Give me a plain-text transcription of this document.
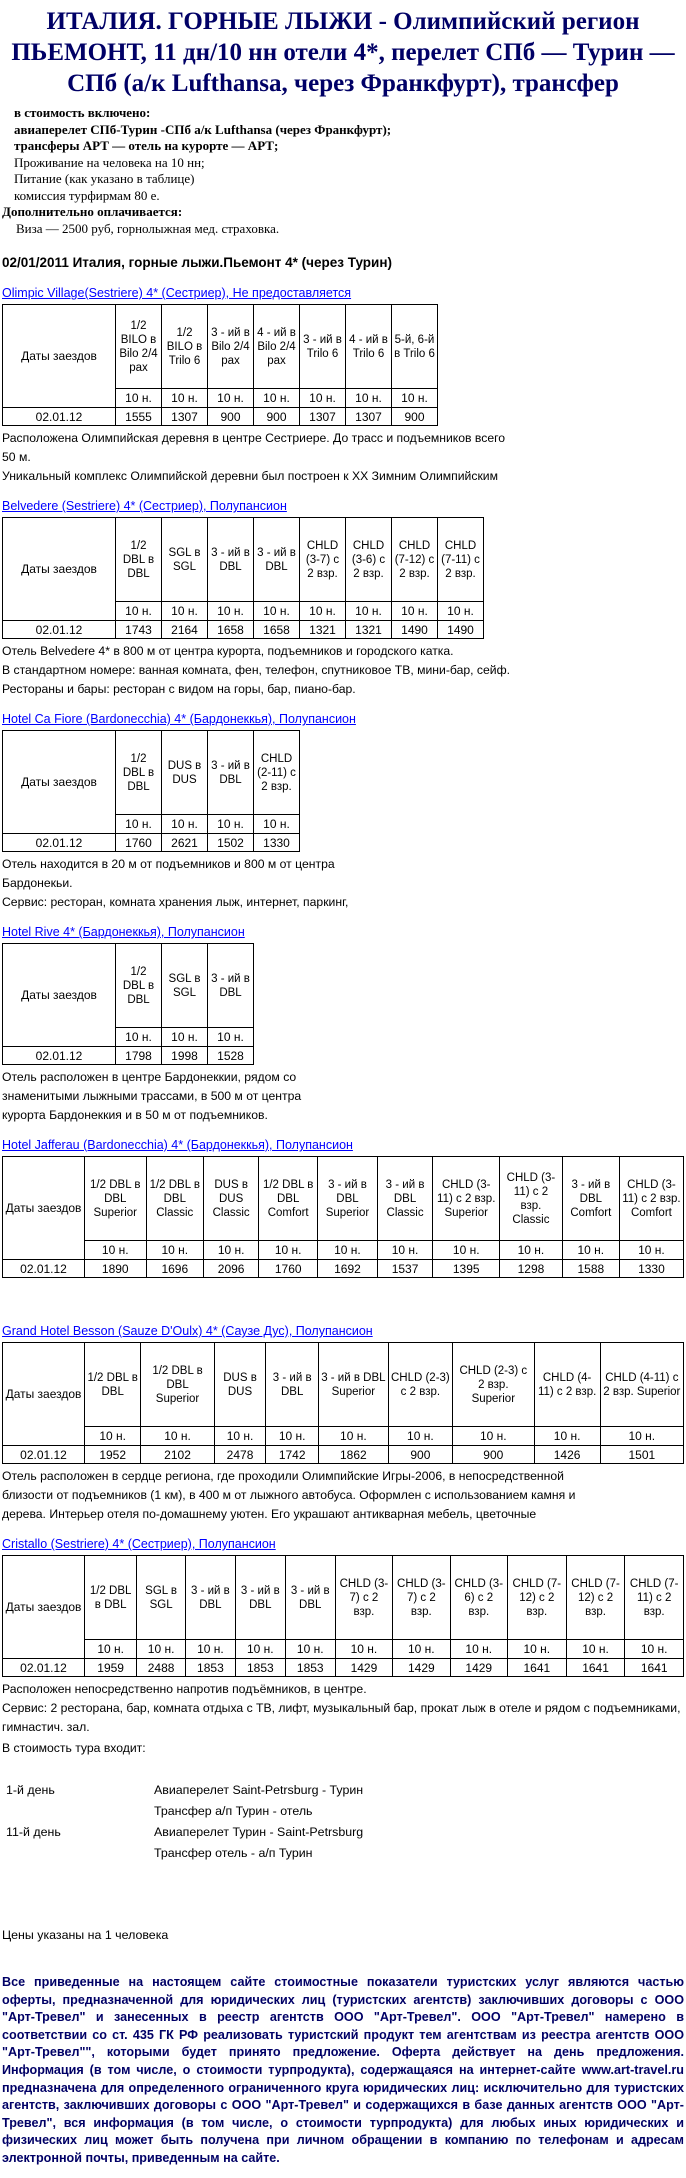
ИТАЛИЯ. ГОРНЫЕ ЛЫЖИ - Олимпийский регион ПЬЕМОНТ, 11 дн/10 нн отели 4*, перелет СПб — Турин — СПб (а/к Lufthansa, через Франкфурт), трансфер
в стоимость включено:
авиаперелет СПб-Турин -СПб а/к Lufthansa (через Франкфурт);
трансферы АРТ — отель на курорте — АРТ;
Проживание на человека на 10 нн;
Питание (как указано в таблице)
комиссия турфирмам 80 е.
Дополнительно оплачивается:
Виза — 2500 руб, горнолыжная мед. страховка.
02/01/2011 Италия, горные лыжи.Пьемонт 4* (через Турин)
Olimpic Village(Sestriere) 4* (Сестриер), Не предоставляется
Даты заездов	1/2 BILO в Bilo 2/4 pax	1/2 BILO в Trilo 6	3 - ий в Bilo 2/4 pax	4 - ий в Bilo 2/4 pax	3 - ий в Trilo 6	4 - ий в Trilo 6	5-й, 6-й в Trilo 6
	10 н.	10 н.	10 н.	10 н.	10 н.	10 н.	10 н.
02.01.12	1555	1307	900	900	1307	1307	900
Расположена Олимпийская деревня в центре Сестриере. До трасс и подъемников всего
50 м.
Уникальный комплекс Олимпийской деревни был построен к XX Зимним Олимпийским
Belvedere (Sestriere) 4* (Сестриер), Полупансион
Даты заездов	1/2 DBL в DBL	SGL в SGL	3 - ий в DBL	3 - ий в DBL	CHLD (3-7) с 2 взр.	CHLD (3-6) с 2 взр.	CHLD (7-12) с 2 взр.	CHLD (7-11) с 2 взр.
	10 н.	10 н.	10 н.	10 н.	10 н.	10 н.	10 н.	10 н.
02.01.12	1743	2164	1658	1658	1321	1321	1490	1490
Отель Belvedere 4* в 800 м от центра курорта, подъемников и городского катка.
В стандартном номере: ванная комната, фен, телефон, спутниковое ТВ, мини-бар, сейф.
Рестораны и бары: ресторан с видом на горы, бар, пиано-бар.
Hotel Ca Fiore (Bardonecchia) 4* (Бардонеккья), Полупансион
Даты заездов	1/2 DBL в DBL	DUS в DUS	3 - ий в DBL	CHLD (2-11) с 2 взр.
	10 н.	10 н.	10 н.	10 н.
02.01.12	1760	2621	1502	1330
Отель находится в 20 м от подъемников и 800 м от центра
Бардонекьи.
Сервис: ресторан, комната хранения лыж, интернет, паркинг,
Hotel Rive 4* (Бардонеккья), Полупансион
Даты заездов	1/2 DBL в DBL	SGL в SGL	3 - ий в DBL
	10 н.	10 н.	10 н.
02.01.12	1798	1998	1528
Отель расположен в центре Бардонеккии, рядом со
знаменитыми лыжными трассами, в 500 м от центра
курорта Бардонеккия и в 50 м от подъемников.
Hotel Jafferau (Bardonecchia) 4* (Бардонеккья), Полупансион
Даты заездов	1/2 DBL в DBL Superior	1/2 DBL в DBL Classic	DUS в DUS Classic	1/2 DBL в DBL Comfort	3 - ий в DBL Superior	3 - ий в DBL Classic	CHLD (3-11) с 2 взр. Superior	CHLD (3-11) с 2 взр. Classic	3 - ий в DBL Comfort	CHLD (3-11) с 2 взр. Comfort
	10 н.	10 н.	10 н.	10 н.	10 н.	10 н.	10 н.	10 н.	10 н.	10 н.
02.01.12	1890	1696	2096	1760	1692	1537	1395	1298	1588	1330
Grand Hotel Besson (Sauze D'Oulx) 4* (Саузе Дус), Полупансион
Даты заездов	1/2 DBL в DBL	1/2 DBL в DBL Superior	DUS в DUS	3 - ий в DBL	3 - ий в DBL Superior	CHLD (2-3) с 2 взр.	CHLD (2-3) с 2 взр. Superior	CHLD (4-11) с 2 взр.	CHLD (4-11) с 2 взр. Superior
	10 н.	10 н.	10 н.	10 н.	10 н.	10 н.	10 н.	10 н.	10 н.
02.01.12	1952	2102	2478	1742	1862	900	900	1426	1501
Отель расположен в сердце региона, где проходили Олимпийские Игры-2006, в непосредственной
близости от подъемников (1 км), в 400 м от лыжного автобуса. Оформлен с использованием камня и
дерева. Интерьер отеля по-домашнему уютен. Его украшают антикварная мебель, цветочные
Cristallo (Sestriere) 4* (Сестриер), Полупансион
Даты заездов	1/2 DBL в DBL	SGL в SGL	3 - ий в DBL	3 - ий в DBL	3 - ий в DBL	CHLD (3-7) с 2 взр.	CHLD (3-7) с 2 взр.	CHLD (3-6) с 2 взр.	CHLD (7-12) с 2 взр.	CHLD (7-12) с 2 взр.	CHLD (7-11) с 2 взр.
	10 н.	10 н.	10 н.	10 н.	10 н.	10 н.	10 н.	10 н.	10 н.	10 н.	10 н.
02.01.12	1959	2488	1853	1853	1853	1429	1429	1429	1641	1641	1641
Расположен непосредственно напротив подъёмников, в центре.
Сервис: 2 ресторана, бар, комната отдыха с ТВ, лифт, музыкальный бар, прокат лыж в отеле и рядом с подъемниками,
гимнастич. зал.
В стоимость тура входит:
1-й день	Авиаперелет Saint-Petrsburg - Турин
Трансфер а/п Турин - отель
11-й день	Авиаперелет Турин - Saint-Petrsburg
Трансфер отель - а/п Турин
Цены указаны на 1 человека
Все приведенные на настоящем сайте стоимостные показатели туристских услуг являются частью оферты, предназначенной для юридических лиц (туристских агентств) заключивших договоры с ООО "Арт-Тревел" и занесенных в реестр агентств ООО "Арт-Тревел". ООО "Арт-Тревел" намерено в соответствии со ст. 435 ГК РФ реализовать туристский продукт тем агентствам из реестра агентств ООО "Арт-Тревел"", которыми будет принято предложение. Оферта действует на день предложения. Информация (в том числе, о стоимости турпродукта), содержащаяся на интернет-сайте www.art-travel.ru предназначена для определенного ограниченного круга юридических лиц: исключительно для туристских агентств, заключивших договоры с ООО "Арт-Тревел" и содержащихся в базе данных агентств ООО "Арт-Тревел", вся информация (в том числе, о стоимости турпродукта) для любых иных юридических и физических лиц может быть получена при личном обращении в компанию по телефонам и адресам электронной почты, приведенным на сайте.
